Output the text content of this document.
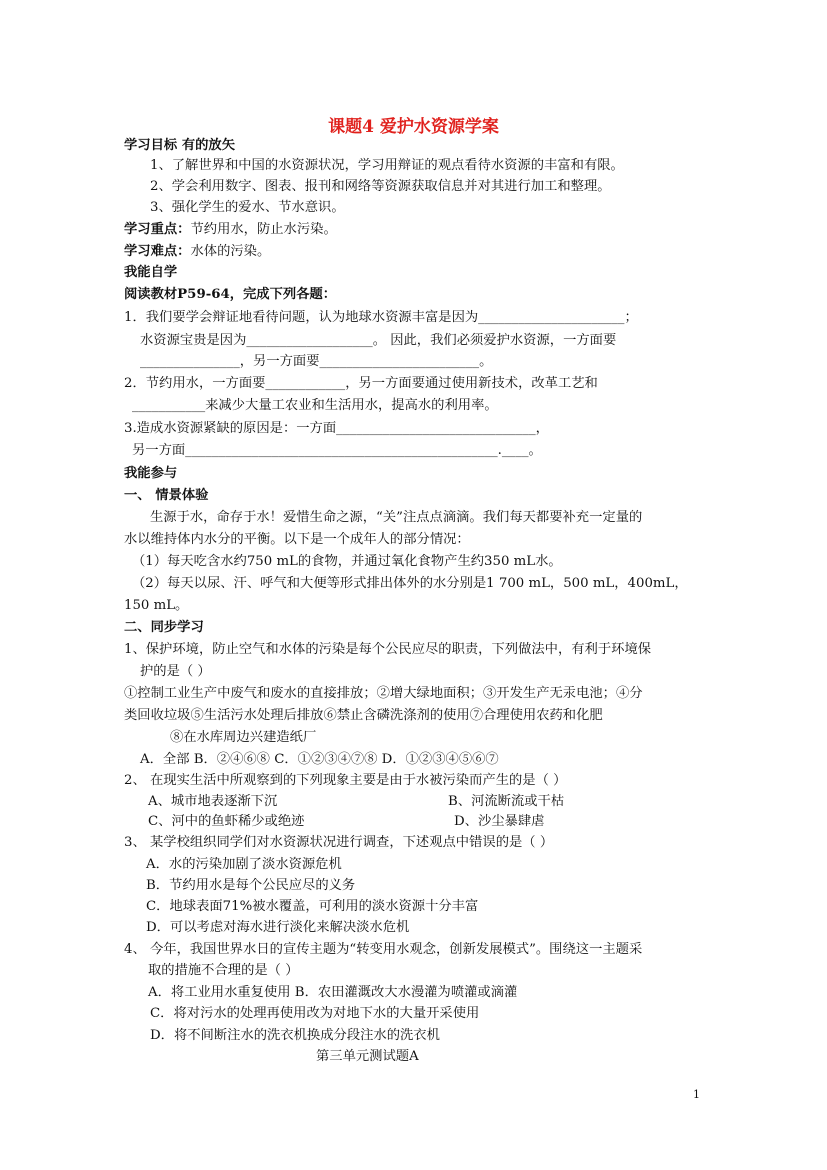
课题4 爱护水资源学案
学习目标 有的放矢
1、了解世界和中国的水资源状况，学习用辩证的观点看待水资源的丰富和有限。
2、学会利用数字、图表、报刊和网络等资源获取信息并对其进行加工和整理。
3、强化学生的爱水、节水意识。
学习重点：节约用水，防止水污染。
学习难点：水体的污染。
我能自学
阅读教材P59-64，完成下列各题：
1．我们要学会辩证地看待问题，认为地球水资源丰富是因为______________________；
水资源宝贵是因为___________________。 因此，我们必须爱护水资源，一方面要
_______________，另一方面要________________________。
2．节约用水，一方面要____________，另一方面要通过使用新技术，改革工艺和
___________来减少大量工农业和生活用水，提高水的利用率。
3.造成水资源紧缺的原因是：一方面______________________________，
另一方面_______________________________________________.____。
我能参与
一、 情景体验
生源于水，命存于水！爱惜生命之源，“关”注点点滴滴。我们每天都要补充一定量的
水以维持体内水分的平衡。以下是一个成年人的部分情况：
（1）每天吃含水约750 mL的食物，并通过氧化食物产生约350 mL水。
（2）每天以尿、汗、呼气和大便等形式排出体外的水分别是1 700 mL，500 mL，400mL，
150 mL。
二、同步学习
1、保护环境，防止空气和水体的污染是每个公民应尽的职责，下列做法中，有利于环境保
护的是（ ）
①控制工业生产中废气和废水的直接排放；②增大绿地面积；③开发生产无汞电池；④分
类回收垃圾⑤生活污水处理后排放⑥禁止含磷洗涤剂的使用⑦合理使用农药和化肥
⑧在水库周边兴建造纸厂
A．全部 B．②④⑥⑧ C．①②③④⑦⑧ D．①②③④⑤⑥⑦
2、 在现实生活中所观察到的下列现象主要是由于水被污染而产生的是（ ）
A、城市地表逐渐下沉	B、河流断流或干枯
C、河中的鱼虾稀少或绝迹	D、沙尘暴肆虐
3、 某学校组织同学们对水资源状况进行调查，下述观点中错误的是（ ）
A．水的污染加剧了淡水资源危机
B．节约用水是每个公民应尽的义务
C．地球表面71%被水覆盖，可利用的淡水资源十分丰富
D．可以考虑对海水进行淡化来解决淡水危机
4、 今年，我国世界水日的宣传主题为“转变用水观念，创新发展模式”。围绕这一主题采
取的措施不合理的是（ ）
A．将工业用水重复使用 B．农田灌溉改大水漫灌为喷灌或滴灌
C．将对污水的处理再使用改为对地下水的大量开采使用
D．将不间断注水的洗衣机换成分段注水的洗衣机
第三单元测试题A
1
